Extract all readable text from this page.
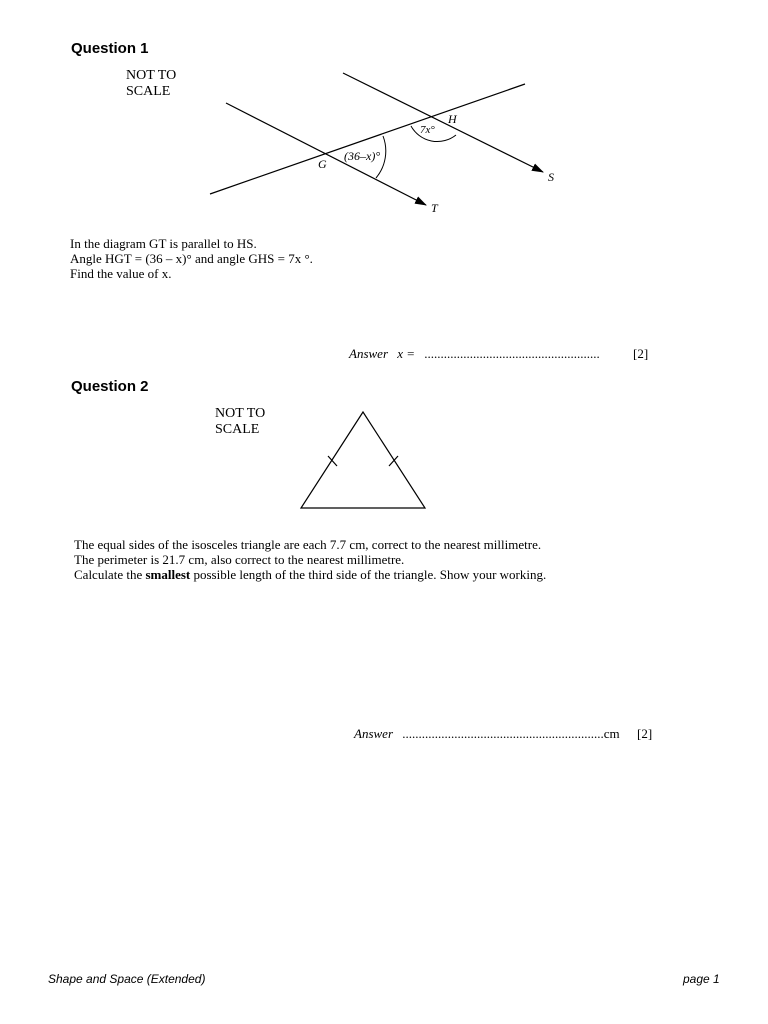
Question 1
NOT TO
SCALE
H
G
S
T
7x°
(36–x)°
In the diagram GT is parallel to HS.
Angle HGT = (36 – x)° and angle GHS = 7x °.
Find the value of x.
Answer x = ......................................................	[2]
Question 2
NOT TO
SCALE
The equal sides of the isosceles triangle are each 7.7 cm, correct to the nearest millimetre.
The perimeter is 21.7 cm, also correct to the nearest millimetre.
Calculate the smallest possible length of the third side of the triangle. Show your working.
Answer ..............................................................cm [2]
Shape and Space (Extended)	page 1
